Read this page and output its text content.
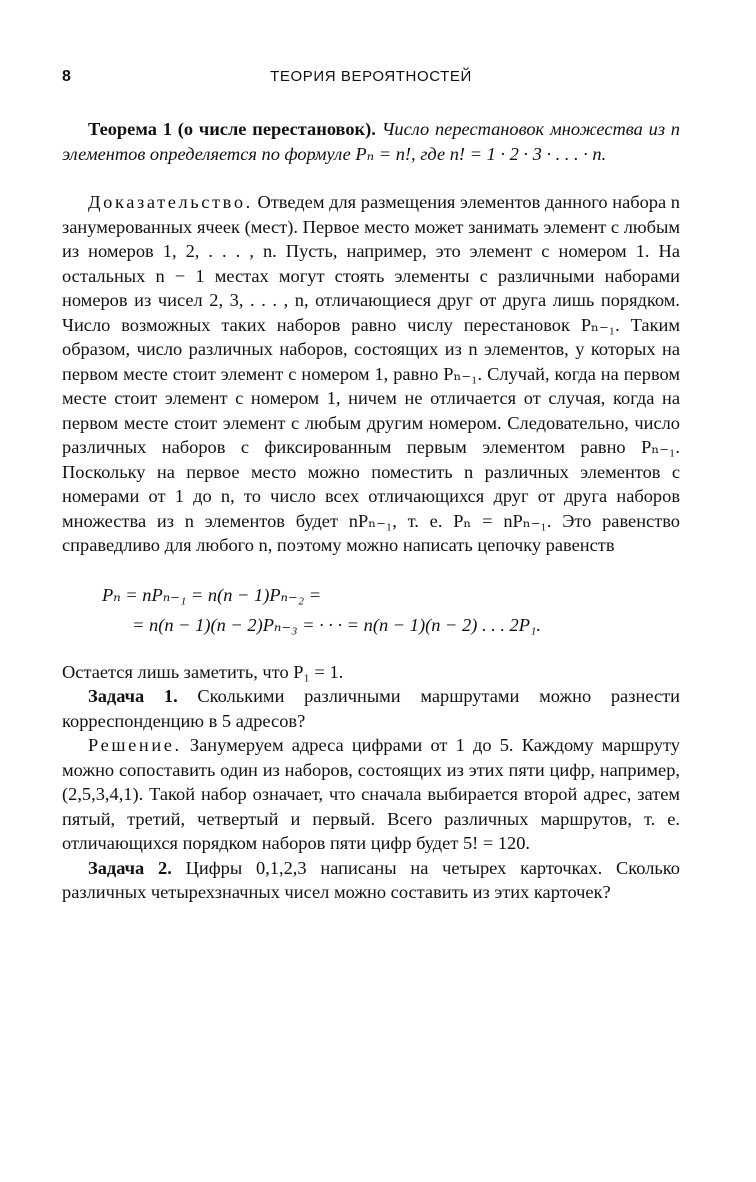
8	ТЕОРИЯ ВЕРОЯТНОСТЕЙ

Теорема 1 (о числе перестановок). Число перестановок множества из n элементов определяется по формуле Pₙ = n!, где n! = 1 · 2 · 3 · . . . · n.

Доказательство. Отведем для размещения элементов данного набора n занумерованных ячеек (мест). Первое место может занимать элемент с любым из номеров 1, 2, . . . , n. Пусть, например, это элемент с номером 1. На остальных n − 1 местах могут стоять элементы с различными наборами номеров из чисел 2, 3, . . . , n, отличающиеся друг от друга лишь порядком. Число возможных таких наборов равно числу перестановок Pₙ₋₁. Таким образом, число различных наборов, состоящих из n элементов, у которых на первом месте стоит элемент с номером 1, равно Pₙ₋₁. Случай, когда на первом месте стоит элемент с номером 1, ничем не отличается от случая, когда на первом месте стоит элемент с любым другим номером. Следовательно, число различных наборов с фиксированным первым элементом равно Pₙ₋₁. Поскольку на первое место можно поместить n различных элементов с номерами от 1 до n, то число всех отличающихся друг от друга наборов множества из n элементов будет nPₙ₋₁, т. е. Pₙ = nPₙ₋₁. Это равенство справедливо для любого n, поэтому можно написать цепочку равенств

Pₙ = nPₙ₋₁ = n(n − 1)Pₙ₋₂ =
= n(n − 1)(n − 2)Pₙ₋₃ = · · · = n(n − 1)(n − 2) . . . 2P₁.

Остается лишь заметить, что P₁ = 1.

Задача 1. Сколькими различными маршрутами можно разнести корреспонденцию в 5 адресов?

Решение. Занумеруем адреса цифрами от 1 до 5. Каждому маршруту можно сопоставить один из наборов, состоящих из этих пяти цифр, например, (2,5,3,4,1). Такой набор означает, что сначала выбирается второй адрес, затем пятый, третий, четвертый и первый. Всего различных маршрутов, т. е. отличающихся порядком наборов пяти цифр будет 5! = 120.

Задача 2. Цифры 0,1,2,3 написаны на четырех карточках. Сколько различных четырехзначных чисел можно составить из этих карточек?
